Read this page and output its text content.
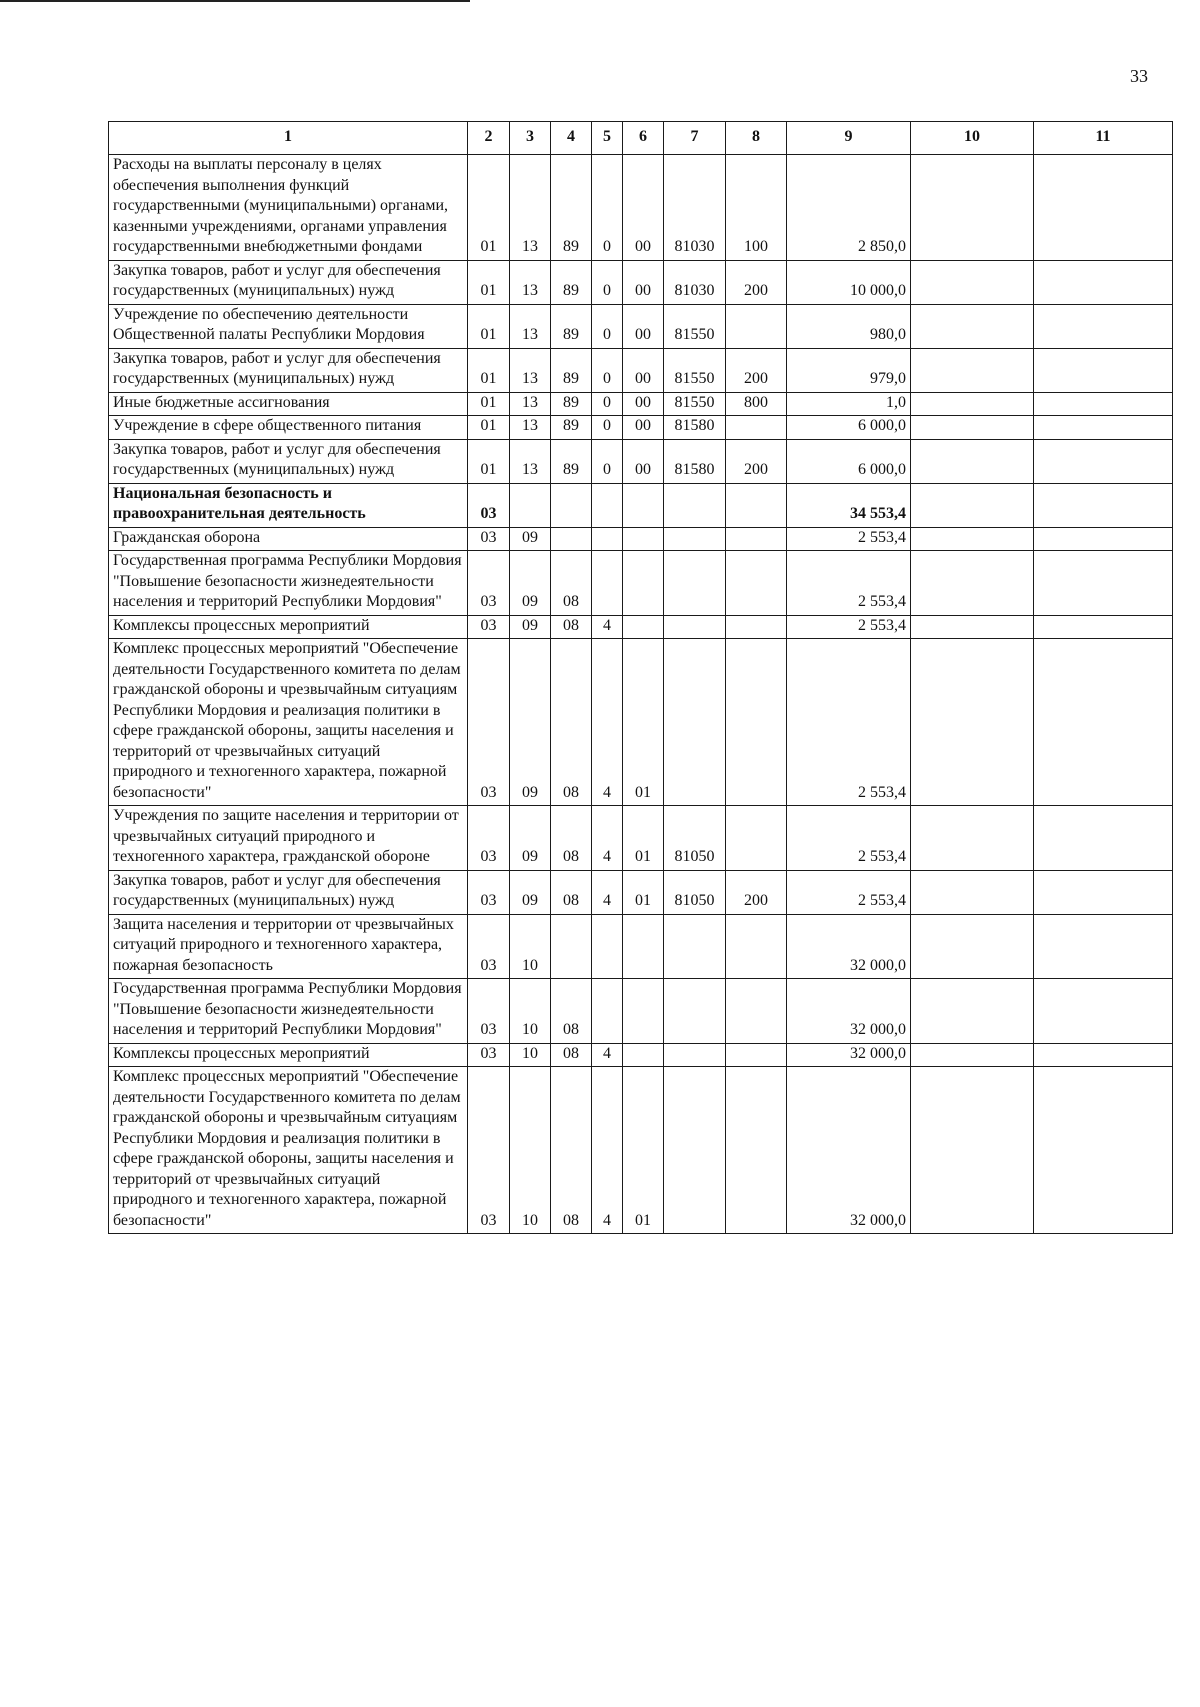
33
1	2	3	4	5	6	7	8	9	10	11
Расходы на выплаты персоналу в целях обеспечения выполнения функций государственными (муниципальными) органами, казенными учреждениями, органами управления государственными внебюджетными фондами	01	13	89	0	00	81030	100	2 850,0		
Закупка товаров, работ и услуг для обеспечения государственных (муниципальных) нужд	01	13	89	0	00	81030	200	10 000,0		
Учреждение по обеспечению деятельности Общественной палаты Республики Мордовия	01	13	89	0	00	81550		980,0		
Закупка товаров, работ и услуг для обеспечения государственных (муниципальных) нужд	01	13	89	0	00	81550	200	979,0		
Иные бюджетные ассигнования	01	13	89	0	00	81550	800	1,0		
Учреждение в сфере общественного питания	01	13	89	0	00	81580		6 000,0		
Закупка товаров, работ и услуг для обеспечения государственных (муниципальных) нужд	01	13	89	0	00	81580	200	6 000,0		
Национальная безопасность и правоохранительная деятельность	03							34 553,4		
Гражданская оборона	03	09						2 553,4		
Государственная программа Республики Мордовия "Повышение безопасности жизнедеятельности населения и территорий Республики Мордовия"	03	09	08					2 553,4		
Комплексы процессных мероприятий	03	09	08	4				2 553,4		
Комплекс процессных мероприятий "Обеспечение деятельности Государственного комитета по делам гражданской обороны и чрезвычайным ситуациям Республики Мордовия и реализация политики в сфере гражданской обороны, защиты населения и территорий от чрезвычайных ситуаций природного и техногенного характера, пожарной безопасности"	03	09	08	4	01			2 553,4		
Учреждения по защите населения и территории от чрезвычайных ситуаций природного и техногенного характера, гражданской обороне	03	09	08	4	01	81050		2 553,4		
Закупка товаров, работ и услуг для обеспечения государственных (муниципальных) нужд	03	09	08	4	01	81050	200	2 553,4		
Защита населения и территории от чрезвычайных ситуаций природного и техногенного характера, пожарная безопасность	03	10						32 000,0		
Государственная программа Республики Мордовия "Повышение безопасности жизнедеятельности населения и территорий Республики Мордовия"	03	10	08					32 000,0		
Комплексы процессных мероприятий	03	10	08	4				32 000,0		
Комплекс процессных мероприятий "Обеспечение деятельности Государственного комитета по делам гражданской обороны и чрезвычайным ситуациям Республики Мордовия и реализация политики в сфере гражданской обороны, защиты населения и территорий от чрезвычайных ситуаций природного и техногенного характера, пожарной безопасности"	03	10	08	4	01			32 000,0		
